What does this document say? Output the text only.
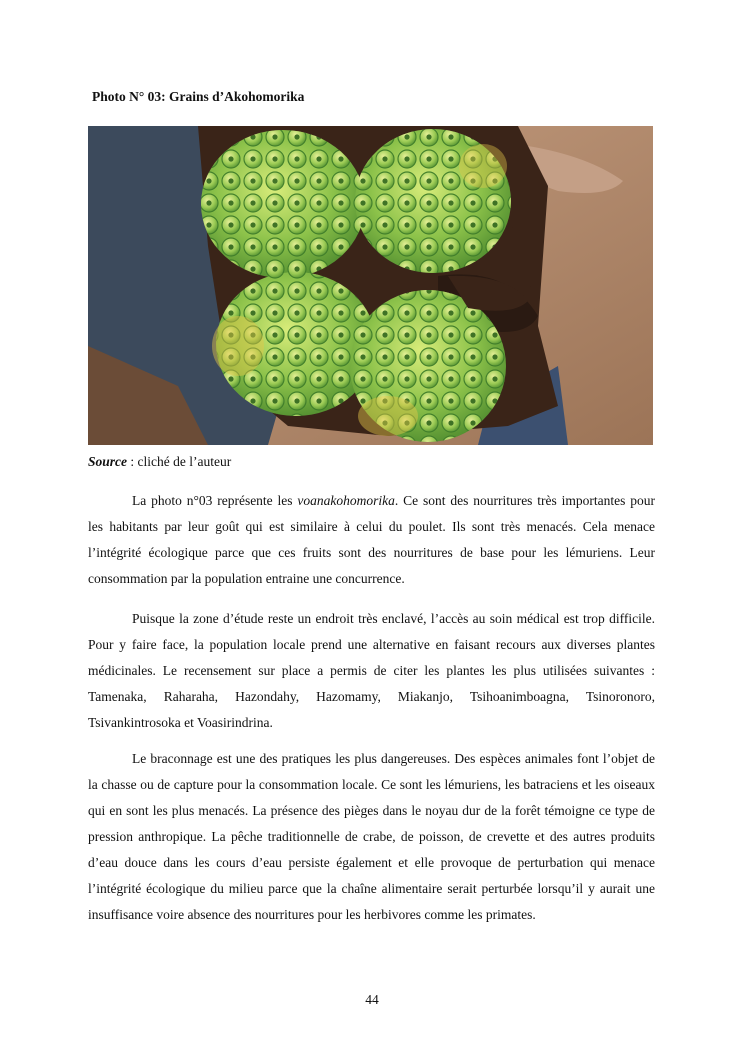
Photo N° 03: Grains d’Akohomorika

Source : cliché de l’auteur

La photo n°03 représente les voanakohomorika. Ce sont des nourritures très importantes pour les habitants par leur goût qui est similaire à celui du poulet. Ils sont très menacés. Cela menace l’intégrité écologique parce que ces fruits sont des nourritures de base pour les lémuriens. Leur consommation par la population entraine une concurrence.

Puisque la zone d’étude reste un endroit très enclavé, l’accès au soin médical est trop difficile. Pour y faire face, la population locale prend une alternative en faisant recours aux diverses plantes médicinales. Le recensement sur place a permis de citer les plantes les plus utilisées suivantes : Tamenaka, Raharaha, Hazondahy, Hazomamy, Miakanjo, Tsihoanimboagna, Tsinoronoro, Tsivankintrosoka et Voasirindrina.

Le braconnage est une des pratiques les plus dangereuses. Des espèces animales font l’objet de la chasse ou de capture pour la consommation locale. Ce sont les lémuriens, les batraciens et les oiseaux qui en sont les plus menacés. La présence des pièges dans le noyau dur de la forêt témoigne ce type de pression anthropique. La pêche traditionnelle de crabe, de poisson, de crevette et des autres produits d’eau douce dans les cours d’eau persiste également et elle provoque de perturbation qui menace l’intégrité écologique du milieu parce que la chaîne alimentaire serait perturbée lorsqu’il y aurait une insuffisance voire absence des nourritures pour les herbivores comme les primates.

44
